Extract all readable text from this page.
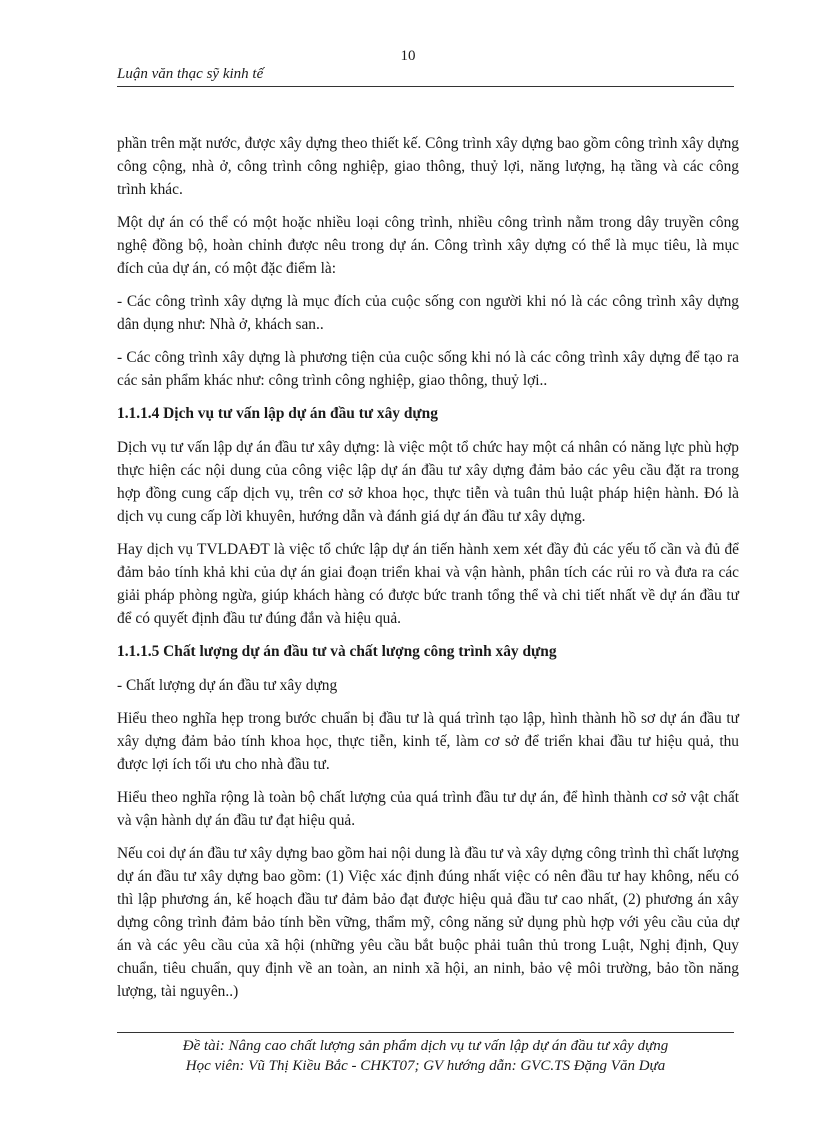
10
Luận văn thạc sỹ kinh tế

phần trên mặt nước, được xây dựng theo thiết kế. Công trình xây dựng bao gồm công trình xây dựng công cộng, nhà ở, công trình công nghiệp, giao thông, thuỷ lợi, năng lượng, hạ tầng và các công trình khác.

Một dự án có thể có một hoặc nhiều loại công trình, nhiều công trình nằm trong dây truyền công nghệ đồng bộ, hoàn chỉnh được nêu trong dự án. Công trình xây dựng có thể là mục tiêu, là mục đích của dự án, có một đặc điểm là:

- Các công trình xây dựng là mục đích của cuộc sống con người khi nó là các công trình xây dựng dân dụng như: Nhà ở, khách san..

- Các công trình xây dựng là phương tiện của cuộc sống khi nó là các công trình xây dựng để tạo ra các sản phẩm khác như: công trình công nghiệp, giao thông, thuỷ lợi..

1.1.1.4 Dịch vụ tư vấn lập dự án đầu tư xây dựng

Dịch vụ tư vấn lập dự án đầu tư xây dựng: là việc một tổ chức hay một cá nhân có năng lực phù hợp thực hiện các nội dung của công việc lập dự án đầu tư xây dựng đảm bảo các yêu cầu đặt ra trong hợp đồng cung cấp dịch vụ, trên cơ sở khoa học, thực tiễn và tuân thủ luật pháp hiện hành. Đó là dịch vụ cung cấp lời khuyên, hướng dẫn và đánh giá dự án đầu tư xây dựng.

Hay dịch vụ TVLDAĐT là việc tổ chức lập dự án tiến hành xem xét đầy đủ các yếu tố cần và đủ để đảm bảo tính khả khi của dự án giai đoạn triển khai và vận hành, phân tích các rủi ro và đưa ra các giải pháp phòng ngừa, giúp khách hàng có được bức tranh tổng thể và chi tiết nhất về dự án đầu tư để có quyết định đầu tư đúng đắn và hiệu quả.

1.1.1.5 Chất lượng dự án đầu tư và chất lượng công trình xây dựng

- Chất lượng dự án đầu tư xây dựng

Hiểu theo nghĩa hẹp trong bước chuẩn bị đầu tư là quá trình tạo lập, hình thành hồ sơ dự án đầu tư xây dựng đảm bảo tính khoa học, thực tiễn, kinh tế, làm cơ sở để triển khai đầu tư hiệu quả, thu được lợi ích tối ưu cho nhà đầu tư.

Hiểu theo nghĩa rộng là toàn bộ chất lượng của quá trình đầu tư dự án, để hình thành cơ sở vật chất và vận hành dự án đầu tư đạt hiệu quả.

Nếu coi dự án đầu tư xây dựng bao gồm hai nội dung là đầu tư và xây dựng công trình thì chất lượng dự án đầu tư xây dựng bao gồm: (1) Việc xác định đúng nhất việc có nên đầu tư hay không, nếu có thì lập phương án, kế hoạch đầu tư đảm bảo đạt được hiệu quả đầu tư cao nhất, (2) phương án xây dựng công trình đảm bảo tính bền vững, thẩm mỹ, công năng sử dụng phù hợp với yêu cầu của dự án và các yêu cầu của xã hội (những yêu cầu bắt buộc phải tuân thủ trong Luật, Nghị định, Quy chuẩn, tiêu chuẩn, quy định về an toàn, an ninh xã hội, an ninh, bảo vệ môi trường, bảo tồn năng lượng, tài nguyên..)

Đề tài: Nâng cao chất lượng sản phẩm dịch vụ tư vấn lập dự án đầu tư xây dựng
Học viên: Vũ Thị Kiều Bắc - CHKT07; GV hướng dẫn: GVC.TS Đặng Văn Dựa
